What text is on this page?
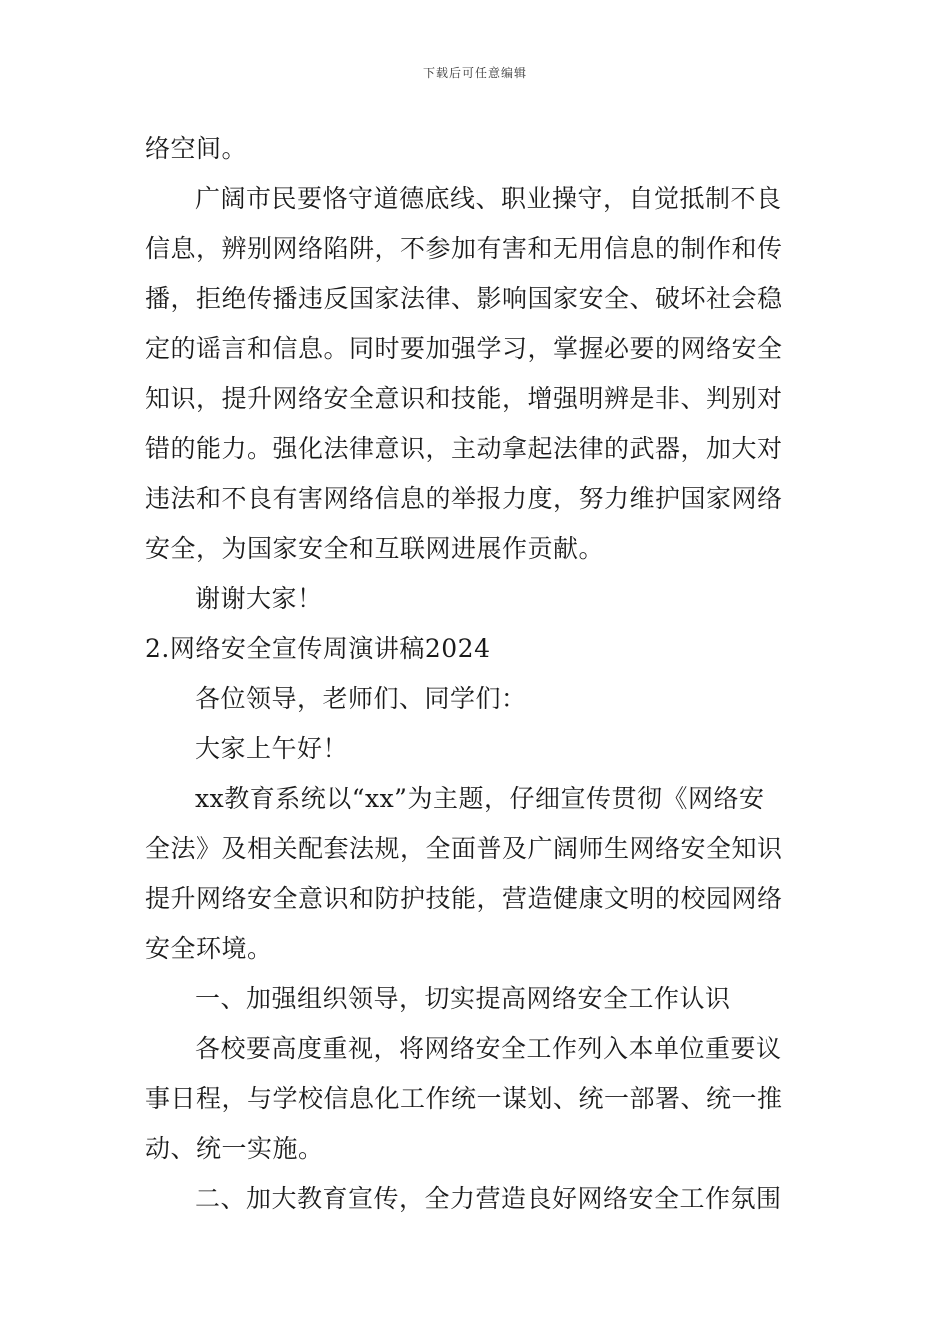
下载后可任意编辑
络空间。
广阔市民要恪守道德底线、职业操守，自觉抵制不良
信息，辨别网络陷阱，不参加有害和无用信息的制作和传
播，拒绝传播违反国家法律、影响国家安全、破坏社会稳
定的谣言和信息。同时要加强学习，掌握必要的网络安全
知识，提升网络安全意识和技能，增强明辨是非、判别对
错的能力。强化法律意识，主动拿起法律的武器，加大对
违法和不良有害网络信息的举报力度，努力维护国家网络
安全，为国家安全和互联网进展作贡献。
谢谢大家！
2.网络安全宣传周演讲稿2024
各位领导，老师们、同学们：
大家上午好！
xx教育系统以“xx”为主题，仔细宣传贯彻《网络安
全法》及相关配套法规，全面普及广阔师生网络安全知识
提升网络安全意识和防护技能，营造健康文明的校园网络
安全环境。
一、加强组织领导，切实提高网络安全工作认识
各校要高度重视，将网络安全工作列入本单位重要议
事日程，与学校信息化工作统一谋划、统一部署、统一推
动、统一实施。
二、加大教育宣传，全力营造良好网络安全工作氛围
